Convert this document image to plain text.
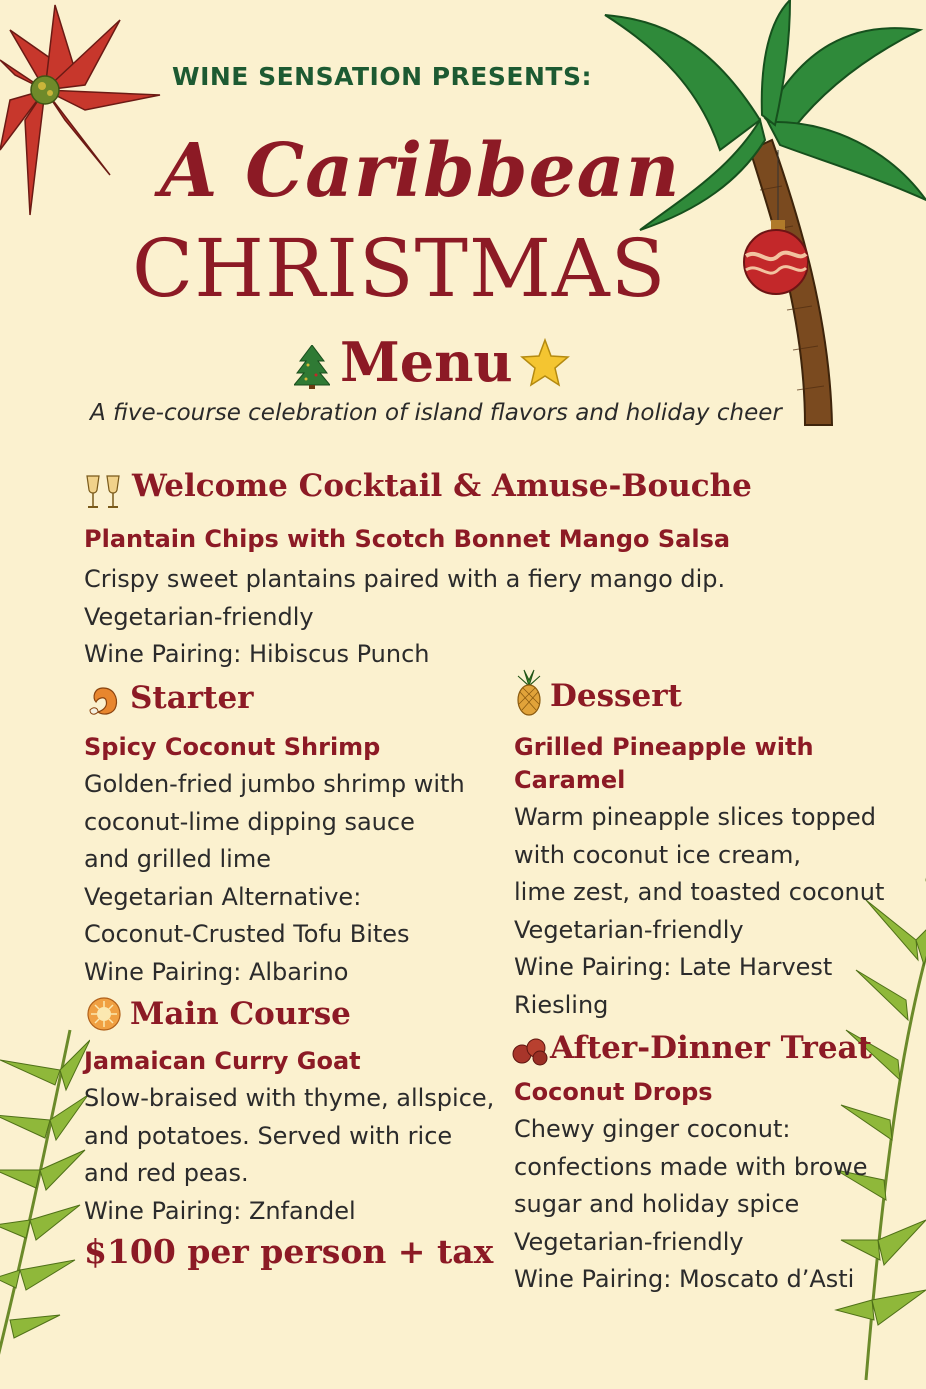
WINE SENSATION PRESENTS:
A Caribbean
CHRISTMAS
Menu
A five-course celebration of island flavors and holiday cheer
Welcome Cocktail & Amuse-Bouche
Plantain Chips with Scotch Bonnet Mango Salsa
Crispy sweet plantains paired with a fiery mango dip.
Vegetarian-friendly
Wine Pairing: Hibiscus Punch
Starter
Spicy Coconut Shrimp
Golden-fried jumbo shrimp with
coconut-lime dipping sauce
and grilled lime
Vegetarian Alternative:
Coconut-Crusted Tofu Bites
Wine Pairing: Albarino
Main Course
Jamaican Curry Goat
Slow-braised with thyme, allspice,
and potatoes. Served with rice
and red peas.
Wine Pairing: Znfandel
$100 per person + tax
Dessert
Grilled Pineapple with
Caramel
Warm pineapple slices topped
with coconut ice cream,
lime zest, and toasted coconut
Vegetarian-friendly
Wine Pairing: Late Harvest
Riesling
After-Dinner Treat
Coconut Drops
Chewy ginger coconut:
confections made with browe
sugar and holiday spice
Vegetarian-friendly
Wine Pairing: Moscato d’Asti
